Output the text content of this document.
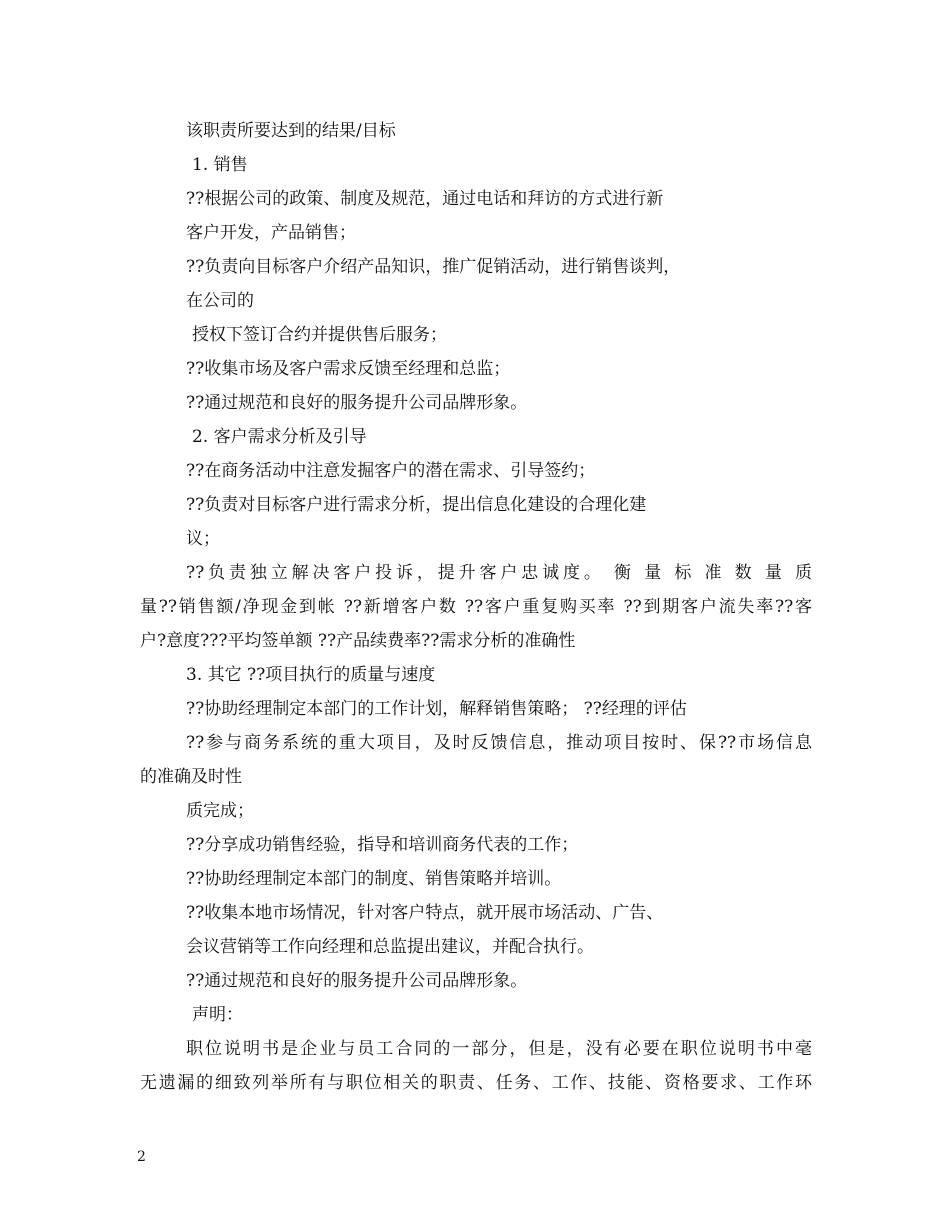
该职责所要达到的结果/目标
1. 销售
??根据公司的政策、制度及规范，通过电话和拜访的方式进行新
客户开发，产品销售；
??负责向目标客户介绍产品知识，推广促销活动，进行销售谈判，
在公司的
授权下签订合约并提供售后服务；
??收集市场及客户需求反馈至经理和总监；
??通过规范和良好的服务提升公司品牌形象。
2. 客户需求分析及引导
??在商务活动中注意发掘客户的潜在需求、引导签约；
??负责对目标客户进行需求分析，提出信息化建设的合理化建
议；
??负责独立解决客户投诉，提升客户忠诚度。 衡 量 标 准 数 量 质
量??销售额/净现金到帐 ??新增客户数 ??客户重复购买率 ??到期客户流失率??客
户?意度???平均签单额 ??产品续费率??需求分析的准确性
3. 其它 ??项目执行的质量与速度
??协助经理制定本部门的工作计划，解释销售策略； ??经理的评估
??参与商务系统的重大项目，及时反馈信息，推动项目按时、保??市场信息
的准确及时性
质完成；
??分享成功销售经验，指导和培训商务代表的工作；
??协助经理制定本部门的制度、销售策略并培训。
??收集本地市场情况，针对客户特点，就开展市场活动、广告、
会议营销等工作向经理和总监提出建议，并配合执行。
??通过规范和良好的服务提升公司品牌形象。
声明：
职位说明书是企业与员工合同的一部分，但是，没有必要在职位说明书中毫
无遗漏的细致列举所有与职位相关的职责、任务、工作、技能、资格要求、工作环
2
